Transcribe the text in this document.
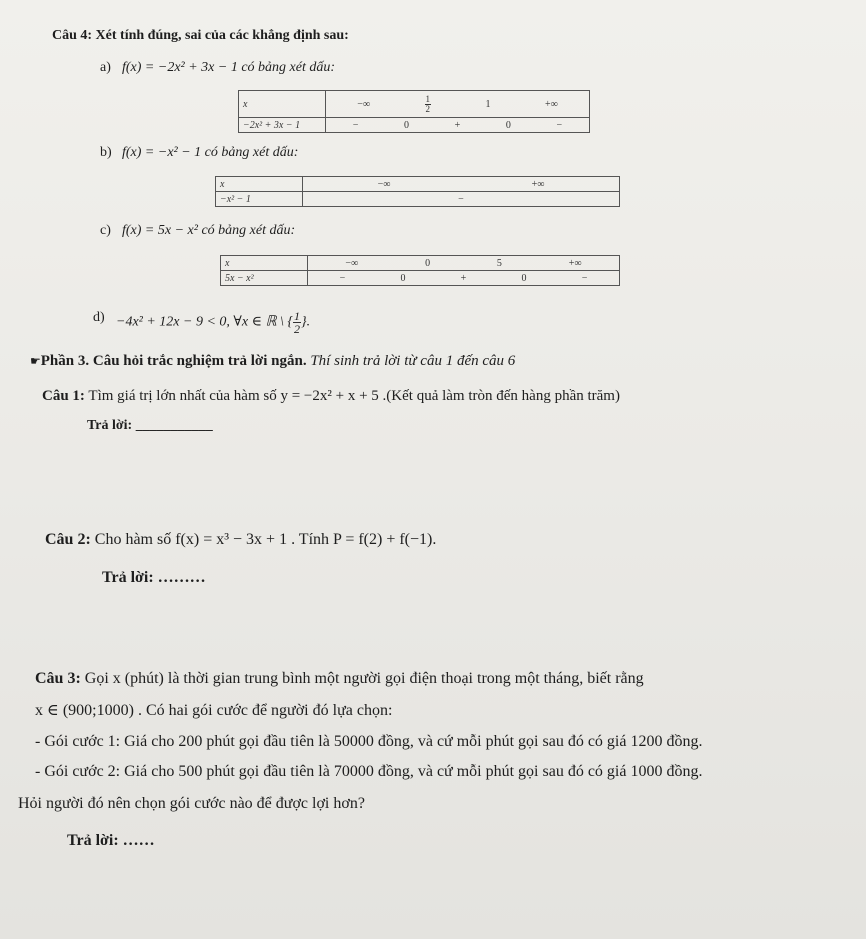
Câu 4: Xét tính đúng, sai của các khẳng định sau:
a) f(x) = −2x² + 3x − 1 có bảng xét dấu:
x	−∞ $\frac{1}{2} 1$ +∞

−2x² + 3x − 1	− 0 + 0 −
b) f(x) = −x² − 1 có bảng xét dấu:
x	−∞ +∞

−x² − 1	−
c) f(x) = 5x − x² có bảng xét dấu:
x	−∞ 0 5 +∞

5x − x²	− 0 + 0 −
d) −4x² + 12x − 9 < 0, ∀x ∈ ℝ \ { $\frac{1}{2}$ }.
☛Phần 3. Câu hỏi trắc nghiệm trả lời ngắn. Thí sinh trả lời từ câu 1 đến câu 6
Câu 1: Tìm giá trị lớn nhất của hàm số y = −2x² + x + 5 .(Kết quả làm tròn đến hàng phần trăm)
Trả lời: ___________
Câu 2: Cho hàm số f(x) = x³ − 3x + 1 . Tính P = f(2) + f(−1).
Trả lời: ………
Câu 3: Gọi x (phút) là thời gian trung bình một người gọi điện thoại trong một tháng, biết rằng
x ∈ (900;1000) . Có hai gói cước để người đó lựa chọn:
- Gói cước 1: Giá cho 200 phút gọi đầu tiên là 50000 đồng, và cứ mỗi phút gọi sau đó có giá 1200 đồng.
- Gói cước 2: Giá cho 500 phút gọi đầu tiên là 70000 đồng, và cứ mỗi phút gọi sau đó có giá 1000 đồng.
Hỏi người đó nên chọn gói cước nào để được lợi hơn?
Trả lời: ……
